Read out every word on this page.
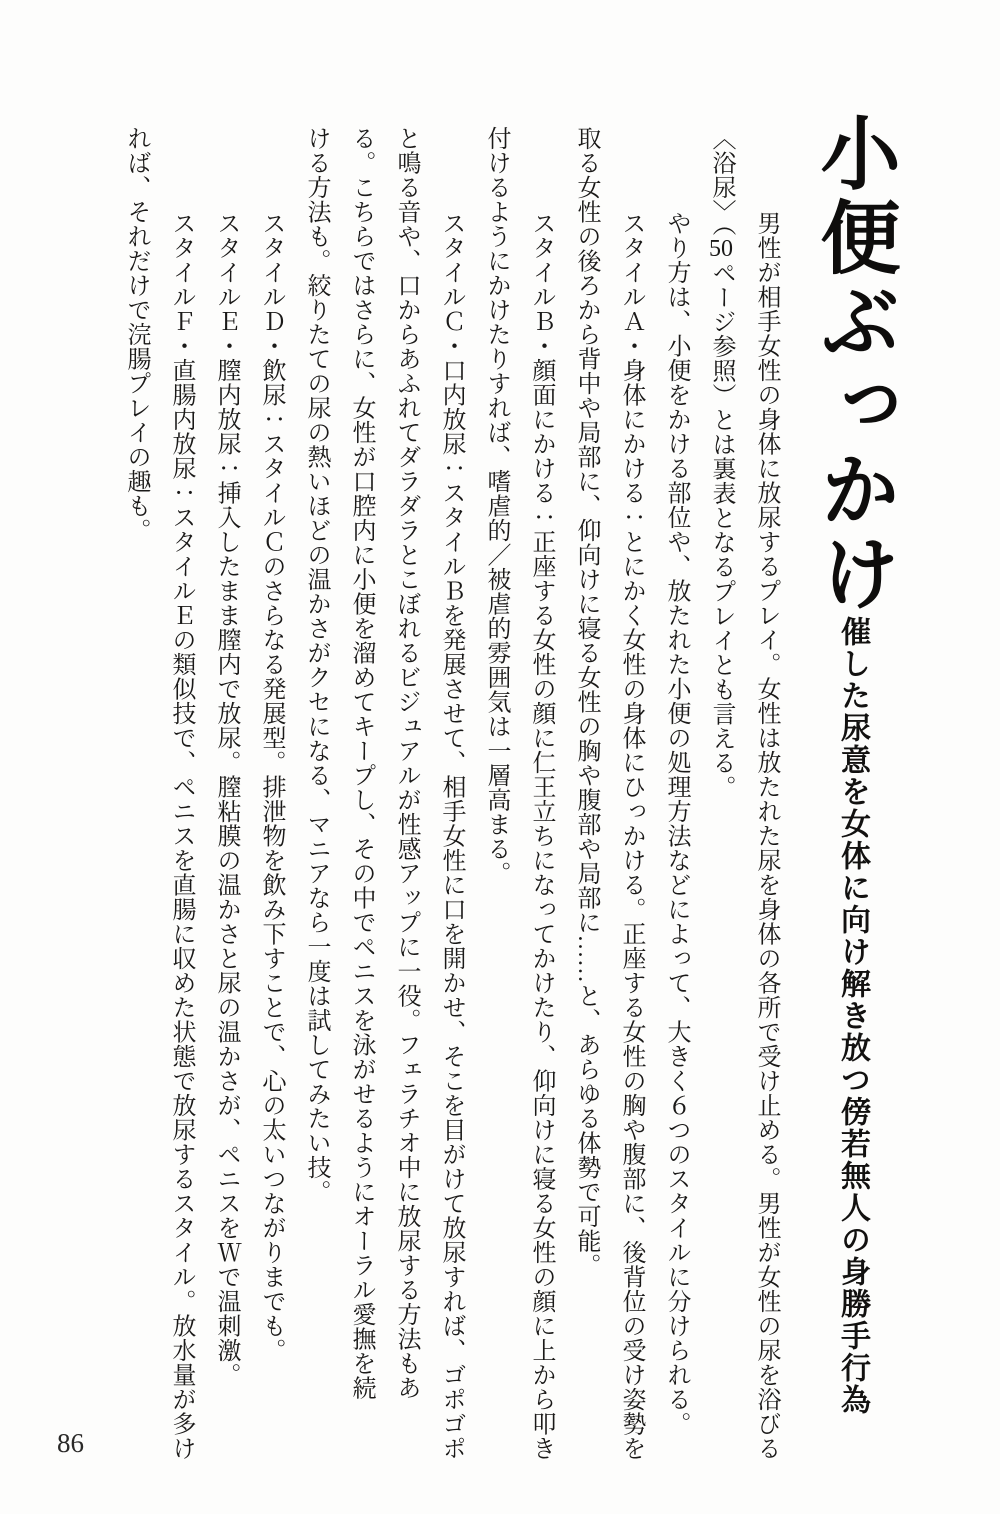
小便ぶっかけ催した尿意を女体に向け解き放つ傍若無人の身勝手行為
男性が相手女性の身体に放尿するプレイ。女性は放たれた尿を身体の各所で受け止める。男性が女性の尿を浴びる
〈浴尿〉（50ページ参照）とは裏表となるプレイとも言える。
やり方は、小便をかける部位や、放たれた小便の処理方法などによって、大きく６つのスタイルに分けられる。
スタイルＡ・身体にかける：とにかく女性の身体にひっかける。正座する女性の胸や腹部に、後背位の受け姿勢を
取る女性の後ろから背中や局部に、仰向けに寝る女性の胸や腹部や局部に……と、あらゆる体勢で可能。
スタイルＢ・顔面にかける：正座する女性の顔に仁王立ちになってかけたり、仰向けに寝る女性の顔に上から叩き
付けるようにかけたりすれば、嗜虐的／被虐的雰囲気は一層高まる。
スタイルＣ・口内放尿：スタイルＢを発展させて、相手女性に口を開かせ、そこを目がけて放尿すれば、ゴポゴポ
と鳴る音や、口からあふれてダラダラとこぼれるビジュアルが性感アップに一役。フェラチオ中に放尿する方法もあ
る。こちらではさらに、女性が口腔内に小便を溜めてキープし、その中でペニスを泳がせるようにオーラル愛撫を続
ける方法も。絞りたての尿の熱いほどの温かさがクセになる、マニアなら一度は試してみたい技。
スタイルＤ・飲尿：スタイルＣのさらなる発展型。排泄物を飲み下すことで、心の太いつながりまでも。
スタイルＥ・膣内放尿：挿入したまま膣内で放尿。膣粘膜の温かさと尿の温かさが、ペニスをＷで温刺激。
スタイルＦ・直腸内放尿：スタイルＥの類似技で、ペニスを直腸に収めた状態で放尿するスタイル。放水量が多け
れば、それだけで浣腸プレイの趣も。
86
